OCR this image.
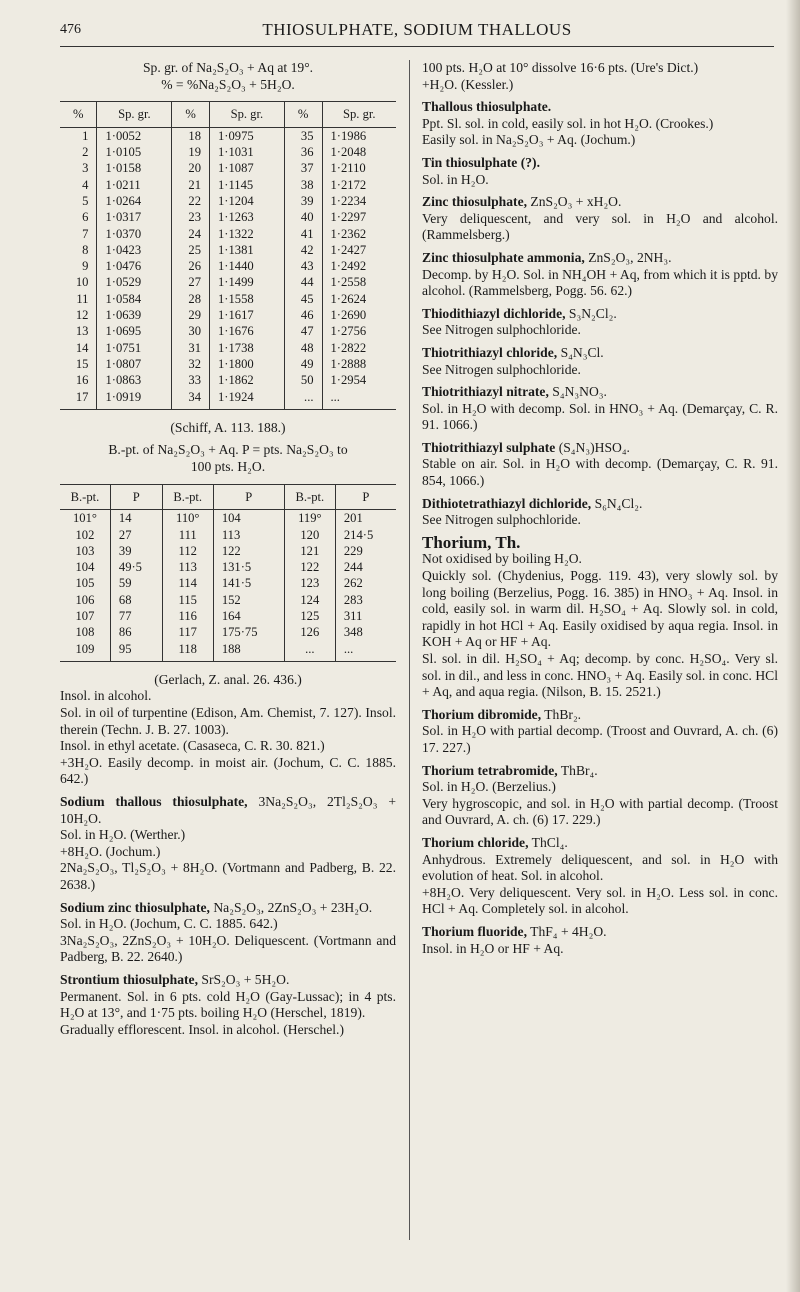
476	THIOSULPHATE, SODIUM THALLOUS
Sp. gr. of Na₂S₂O₃ + Aq at 19°.
% = %Na₂S₂O₃ + 5H₂O.
%	Sp. gr.	%	Sp. gr.	%	Sp. gr.
1	1·0052	18	1·0975	35	1·1986
2	1·0105	19	1·1031	36	1·2048
3	1·0158	20	1·1087	37	1·2110
4	1·0211	21	1·1145	38	1·2172
5	1·0264	22	1·1204	39	1·2234
6	1·0317	23	1·1263	40	1·2297
7	1·0370	24	1·1322	41	1·2362
8	1·0423	25	1·1381	42	1·2427
9	1·0476	26	1·1440	43	1·2492
10	1·0529	27	1·1499	44	1·2558
11	1·0584	28	1·1558	45	1·2624
12	1·0639	29	1·1617	46	1·2690
13	1·0695	30	1·1676	47	1·2756
14	1·0751	31	1·1738	48	1·2822
15	1·0807	32	1·1800	49	1·2888
16	1·0863	33	1·1862	50	1·2954
17	1·0919	34	1·1924	...	...
(Schiff, A. 113. 188.)
B.-pt. of Na₂S₂O₃ + Aq. P = pts. Na₂S₂O₃ to
100 pts. H₂O.
B.-pt.	P	B.-pt.	P	B.-pt.	P
101°	14	110°	104	119°	201
102	27	111	113	120	214·5
103	39	112	122	121	229
104	49·5	113	131·5	122	244
105	59	114	141·5	123	262
106	68	115	152	124	283
107	77	116	164	125	311
108	86	117	175·75	126	348
109	95	118	188	...	...
(Gerlach, Z. anal. 26. 436.)

Insol. in alcohol.

Sol. in oil of turpentine (Edison, Am. Chemist, 7. 127). Insol. therein (Techn. J. B. 27. 1003).

Insol. in ethyl acetate. (Casaseca, C. R. 30. 821.)

+3H₂O. Easily decomp. in moist air. (Jochum, C. C. 1885. 642.)

Sodium thallous thiosulphate, 3Na₂S₂O₃, 2Tl₂S₂O₃ + 10H₂O.

Sol. in H₂O. (Werther.)

+8H₂O. (Jochum.)

2Na₂S₂O₃, Tl₂S₂O₃ + 8H₂O. (Vortmann and Padberg, B. 22. 2638.)

Sodium zinc thiosulphate, Na₂S₂O₃, 2ZnS₂O₃ + 23H₂O.

Sol. in H₂O. (Jochum, C. C. 1885. 642.)

3Na₂S₂O₃, 2ZnS₂O₃ + 10H₂O. Deliquescent. (Vortmann and Padberg, B. 22. 2640.)

Strontium thiosulphate, SrS₂O₃ + 5H₂O.

Permanent. Sol. in 6 pts. cold H₂O (Gay-Lussac); in 4 pts. H₂O at 13°, and 1·75 pts. boiling H₂O (Herschel, 1819).

Gradually efflorescent. Insol. in alcohol. (Herschel.)

100 pts. H₂O at 10° dissolve 16·6 pts. (Ure's Dict.)

+H₂O. (Kessler.)

Thallous thiosulphate.

Ppt. Sl. sol. in cold, easily sol. in hot H₂O. (Crookes.)

Easily sol. in Na₂S₂O₃ + Aq. (Jochum.)

Tin thiosulphate (?).

Sol. in H₂O.

Zinc thiosulphate, ZnS₂O₃ + xH₂O.

Very deliquescent, and very sol. in H₂O and alcohol. (Rammelsberg.)

Zinc thiosulphate ammonia, ZnS₂O₃, 2NH₃.

Decomp. by H₂O. Sol. in NH₄OH + Aq, from which it is pptd. by alcohol. (Rammelsberg, Pogg. 56. 62.)

Thiodithiazyl dichloride, S₃N₂Cl₂.

See Nitrogen sulphochloride.

Thiotrithiazyl chloride, S₄N₃Cl.

See Nitrogen sulphochloride.

Thiotrithiazyl nitrate, S₄N₃NO₃.

Sol. in H₂O with decomp. Sol. in HNO₃ + Aq. (Demarçay, C. R. 91. 1066.)

Thiotrithiazyl sulphate (S₄N₃)HSO₄.

Stable on air. Sol. in H₂O with decomp. (Demarçay, C. R. 91. 854, 1066.)

Dithiotetrathiazyl dichloride, S₆N₄Cl₂.

See Nitrogen sulphochloride.

Thorium, Th.

Not oxidised by boiling H₂O.

Quickly sol. (Chydenius, Pogg. 119. 43), very slowly sol. by long boiling (Berzelius, Pogg. 16. 385) in HNO₃ + Aq. Insol. in cold, easily sol. in warm dil. H₂SO₄ + Aq. Slowly sol. in cold, rapidly in hot HCl + Aq. Easily oxidised by aqua regia. Insol. in KOH + Aq or HF + Aq.

Sl. sol. in dil. H₂SO₄ + Aq; decomp. by conc. H₂SO₄. Very sl. sol. in dil., and less in conc. HNO₃ + Aq. Easily sol. in conc. HCl + Aq, and aqua regia. (Nilson, B. 15. 2521.)

Thorium dibromide, ThBr₂.

Sol. in H₂O with partial decomp. (Troost and Ouvrard, A. ch. (6) 17. 227.)

Thorium tetrabromide, ThBr₄.

Sol. in H₂O. (Berzelius.)

Very hygroscopic, and sol. in H₂O with partial decomp. (Troost and Ouvrard, A. ch. (6) 17. 229.)

Thorium chloride, ThCl₄.

Anhydrous. Extremely deliquescent, and sol. in H₂O with evolution of heat. Sol. in alcohol.

+8H₂O. Very deliquescent. Very sol. in H₂O. Less sol. in conc. HCl + Aq. Completely sol. in alcohol.

Thorium fluoride, ThF₄ + 4H₂O.

Insol. in H₂O or HF + Aq.
